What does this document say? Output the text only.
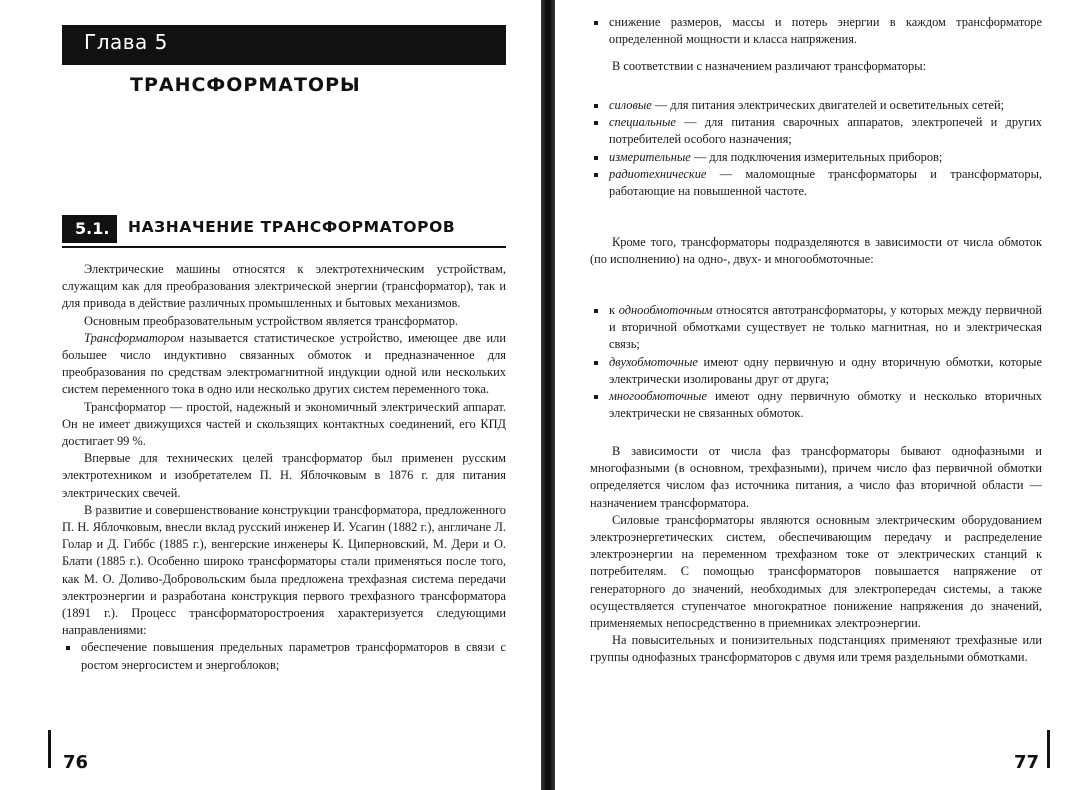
Глава 5
ТРАНСФОРМАТОРЫ
5.1.	НАЗНАЧЕНИЕ ТРАНСФОРМАТОРОВ

Электрические машины относятся к электротехническим устройствам, служащим как для преобразования электрической энергии (трансформатор), так и для привода в действие различных промышленных и бытовых механизмов.

Основным преобразовательным устройством является трансформатор.

Трансформатором называется статистическое устройство, имеющее две или большее число индуктивно связанных обмоток и предназначенное для преобразования по средствам электромагнитной индукции одной или нескольких систем переменного тока в одно или несколько других систем переменного тока.

Трансформатор — простой, надежный и экономичный электрический аппарат. Он не имеет движущихся частей и скользящих контактных соединений, его КПД достигает 99 %.

Впервые для технических целей трансформатор был применен русским электротехником и изобретателем П. Н. Яблочковым в 1876 г. для питания электрических свечей.

В развитие и совершенствование конструкции трансформатора, предложенного П. Н. Яблочковым, внесли вклад русский инженер И. Усагин (1882 г.), англичане Л. Голар и Д. Гиббс (1885 г.), венгерские инженеры К. Циперновский, М. Дери и О. Блати (1885 г.). Особенно широко трансформаторы стали применяться после того, как М. О. Доливо-Добровольским была предложена трехфазная система передачи электроэнергии и разработана конструкция первого трехфазного трансформатора (1891 г.). Процесс трансформаторостроения характеризуется следующими направлениями:

обеспечение повышения предельных параметров трансформаторов в связи с ростом энергосистем и энергоблоков;
76
снижение размеров, массы и потерь энергии в каждом трансформаторе определенной мощности и класса напряжения.

В соответствии с назначением различают трансформаторы:

силовые — для питания электрических двигателей и осветительных сетей;
специальные — для питания сварочных аппаратов, электропечей и других потребителей особого назначения;
измерительные — для подключения измерительных приборов;
радиотехнические — маломощные трансформаторы и трансформаторы, работающие на повышенной частоте.

Кроме того, трансформаторы подразделяются в зависимости от числа обмоток (по исполнению) на одно-, двух- и многообмоточные:

к однообмоточным относятся автотрансформаторы, у которых между первичной и вторичной обмотками существует не только магнитная, но и электрическая связь;
двухобмоточные имеют одну первичную и одну вторичную обмотки, которые электрически изолированы друг от друга;
многообмоточные имеют одну первичную обмотку и несколько вторичных электрически не связанных обмоток.

В зависимости от числа фаз трансформаторы бывают однофазными и многофазными (в основном, трехфазными), причем число фаз первичной обмотки определяется числом фаз источника питания, а число фаз вторичной области — назначением трансформатора.

Силовые трансформаторы являются основным электрическим оборудованием электроэнергетических систем, обеспечивающим передачу и распределение электроэнергии на переменном трехфазном токе от электрических станций к потребителям. С помощью трансформаторов повышается напряжение от генераторного до значений, необходимых для электропередач системы, а также осуществляется ступенчатое многократное понижение напряжения до значений, применяемых непосредственно в приемниках электроэнергии.

На повысительных и понизительных подстанциях применяют трехфазные или группы однофазных трансформаторов с двумя или тремя раздельными обмотками.

77
